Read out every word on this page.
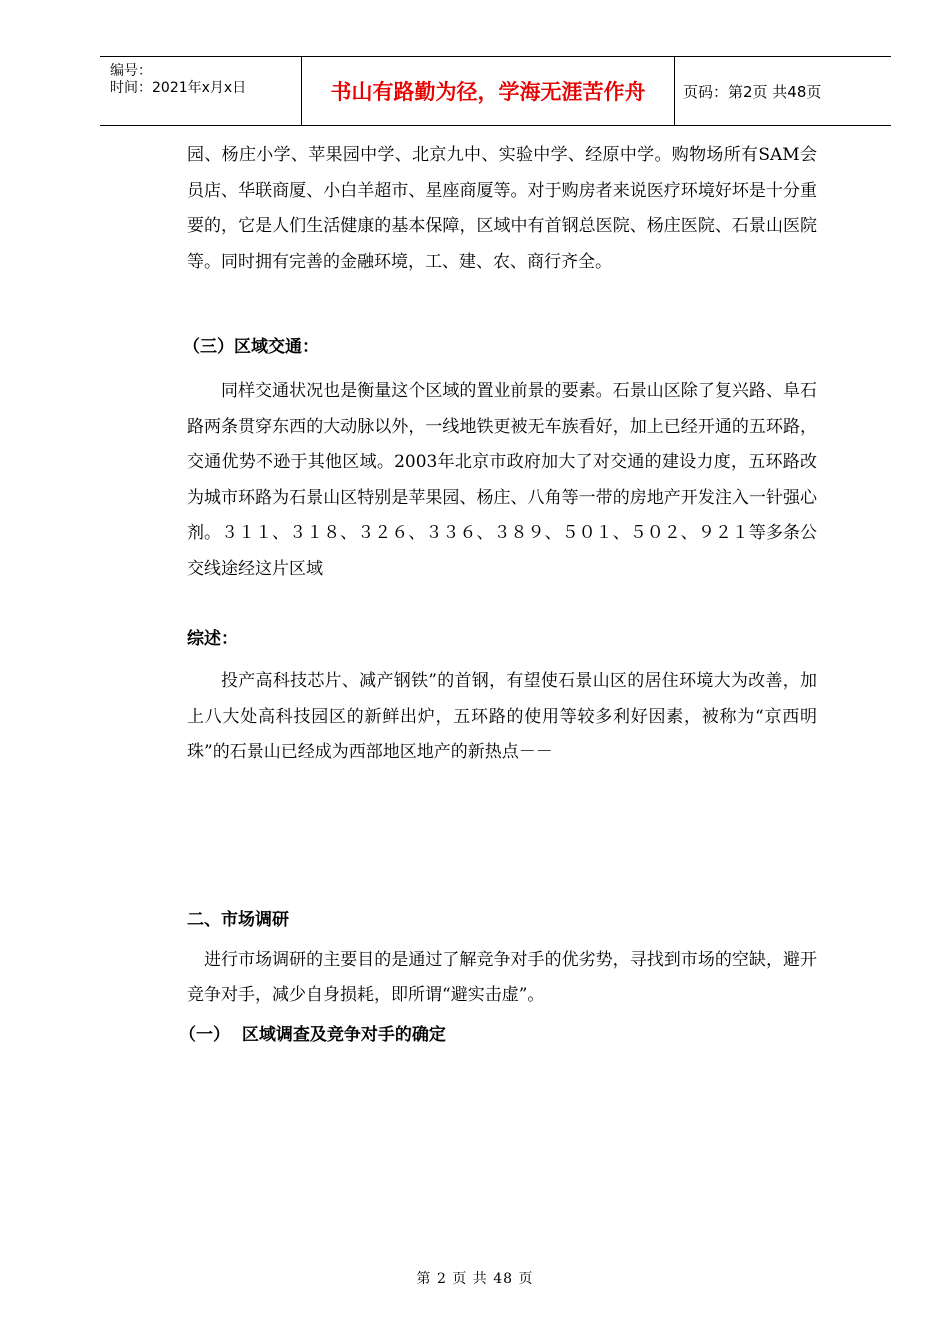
编号：
时间：2021年x月x日	书山有路勤为径，学海无涯苦作舟	页码：第2页 共48页

园、杨庄小学、苹果园中学、北京九中、实验中学、经原中学。购物场所有SAM会员店、华联商厦、小白羊超市、星座商厦等。对于购房者来说医疗环境好坏是十分重要的，它是人们生活健康的基本保障，区域中有首钢总医院、杨庄医院、石景山医院等。同时拥有完善的金融环境，工、建、农、商行齐全。

（三）区域交通：

同样交通状况也是衡量这个区域的置业前景的要素。石景山区除了复兴路、阜石路两条贯穿东西的大动脉以外，一线地铁更被无车族看好，加上已经开通的五环路，交通优势不逊于其他区域。2003年北京市政府加大了对交通的建设力度，五环路改为城市环路为石景山区特别是苹果园、杨庄、八角等一带的房地产开发注入一针强心剂。３１１、３１８、３２６、３３６、３８９、５０１、５０２、９２１等多条公交线途经这片区域

综述：

投产高科技芯片、减产钢铁”的首钢，有望使石景山区的居住环境大为改善，加上八大处高科技园区的新鲜出炉，五环路的使用等较多利好因素，被称为“京西明珠”的石景山已经成为西部地区地产的新热点－－

二、市场调研

进行市场调研的主要目的是通过了解竞争对手的优劣势，寻找到市场的空缺，避开竞争对手，减少自身损耗，即所谓“避实击虚”。

（一）  区域调查及竞争对手的确定

第 2 页 共 48 页
